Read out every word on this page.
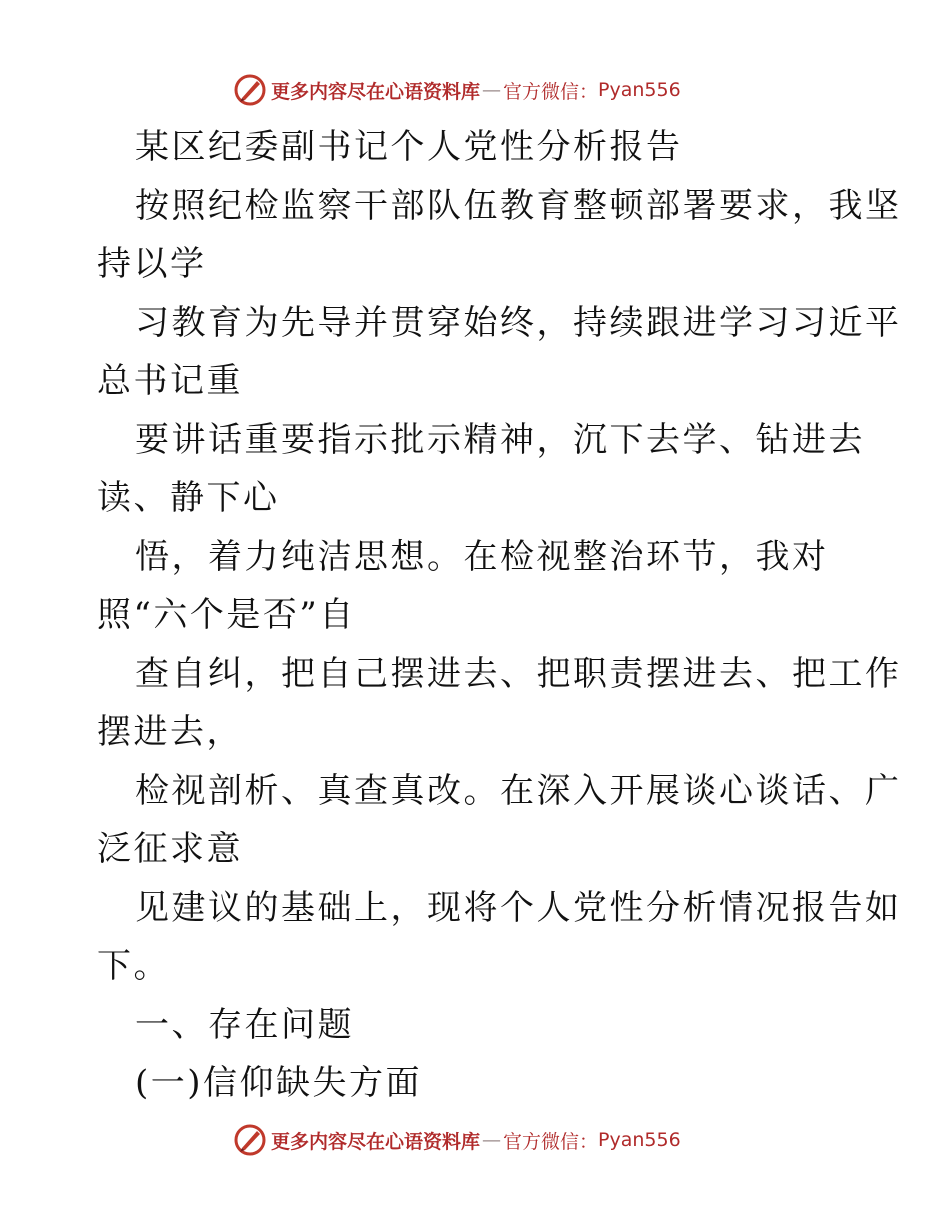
更多内容尽在心语资料库 — 官方微信： Pyan556
某区纪委副书记个人党性分析报告
按照纪检监察干部队伍教育整顿部署要求，我坚
持以学
习教育为先导并贯穿始终，持续跟进学习习近平
总书记重
要讲话重要指示批示精神，沉下去学、钻进去
读、静下心
悟，着力纯洁思想。在检视整治环节，我对
照“六个是否”自
查自纠，把自己摆进去、把职责摆进去、把工作
摆进去，
检视剖析、真查真改。在深入开展谈心谈话、广
泛征求意
见建议的基础上，现将个人党性分析情况报告如
下。
一、存在问题
(一)信仰缺失方面
更多内容尽在心语资料库 — 官方微信： Pyan556
